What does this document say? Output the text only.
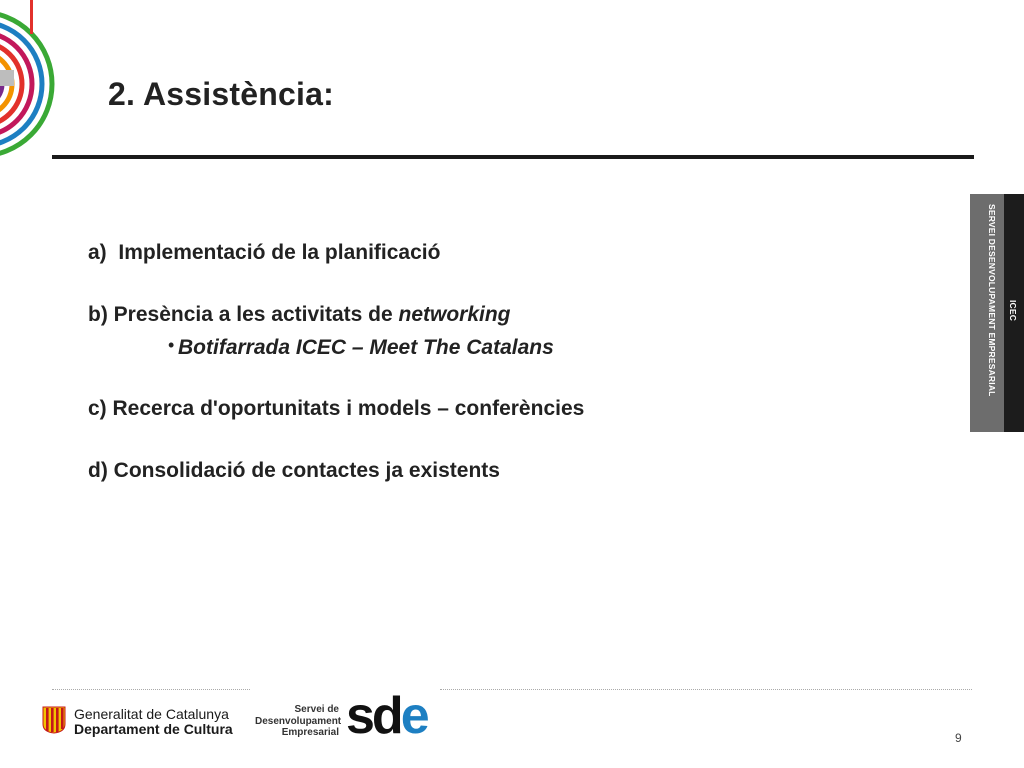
2. Assistència:
a) Implementació de la planificació
b) Presència a les activitats de networking
• Botifarrada ICEC – Meet The Catalans
c) Recerca d'oportunitats i models – conferències
d) Consolidació de contactes ja existents
SERVEI DESENVOLUPAMENT EMPRESARIAL ICEC
Generalitat de Catalunya
Departament de Cultura
Servei de
Desenvolupament
Empresarial sde	9
